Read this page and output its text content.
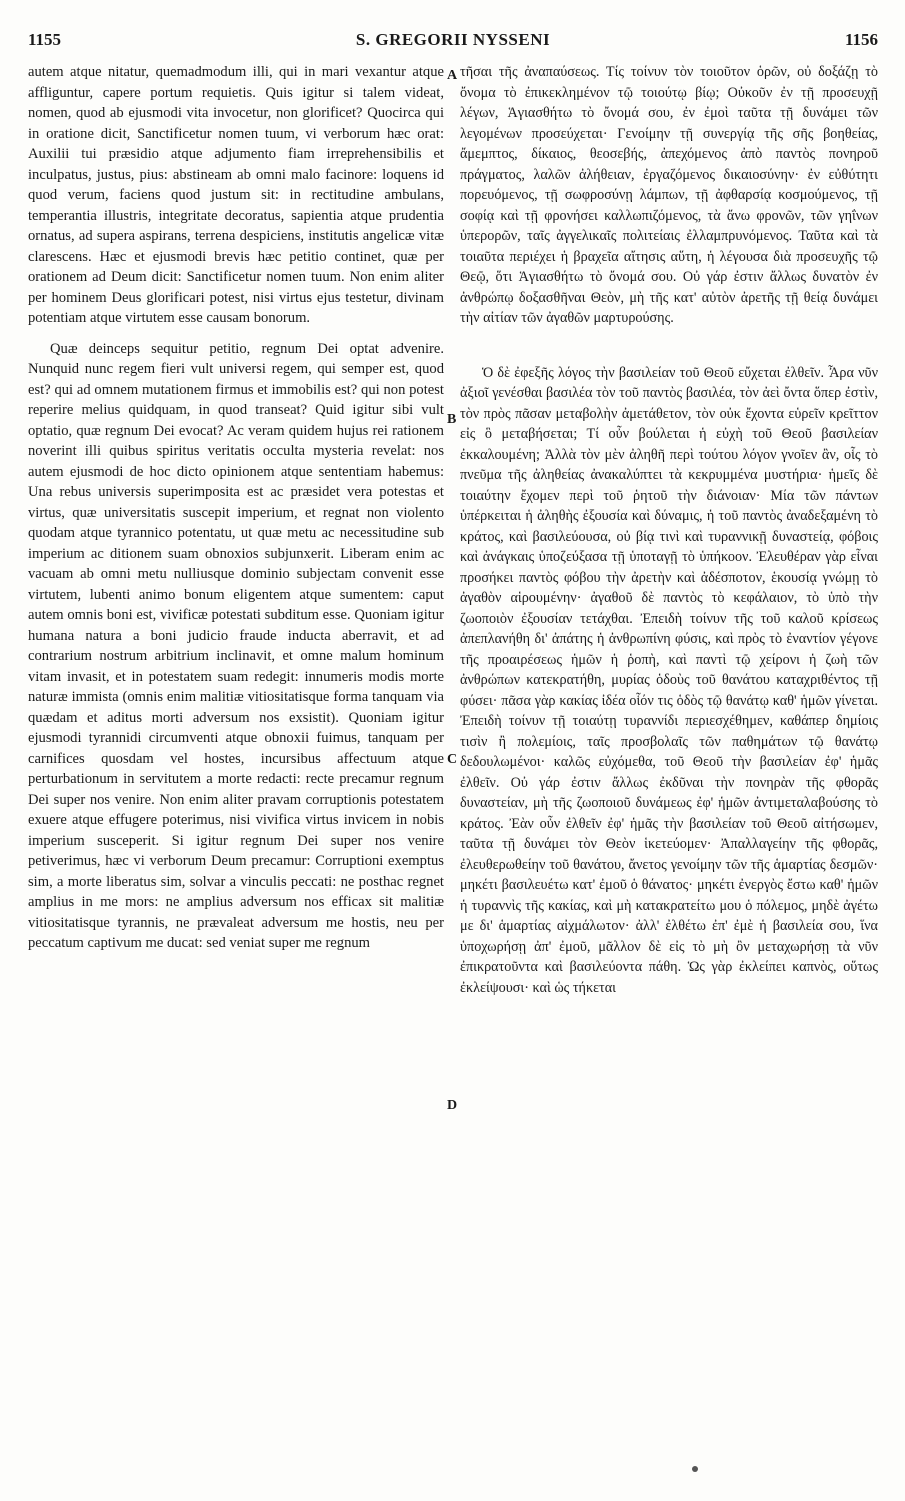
1155	S. GREGORII NYSSENI	1156

autem atque nitatur, quemadmodum illi, qui in mari vexantur atque affliguntur, capere portum requietis. Quis igitur si talem videat, nomen, quod ab ejusmodi vita invocetur, non glorificet? Quocirca qui in oratione dicit, Sanctificetur nomen tuum, vi verborum hæc orat: Auxilii tui præsidio atque adjumento fiam irreprehensibilis et inculpatus, justus, pius: abstineam ab omni malo facinore: loquens id quod verum, faciens quod justum sit: in rectitudine ambulans, temperantia illustris, integritate decoratus, sapientia atque prudentia ornatus, ad supera aspirans, terrena despiciens, institutis angelicæ vitæ clarescens. Hæc et ejusmodi brevis hæc petitio continet, quæ per orationem ad Deum dicit: Sanctificetur nomen tuum. Non enim aliter per hominem Deus glorificari potest, nisi virtus ejus testetur, divinam potentiam atque virtutem esse causam bonorum.

Quæ deinceps sequitur petitio, regnum Dei optat advenire. Nunquid nunc regem fieri vult universi regem, qui semper est, quod est? qui ad omnem mutationem firmus et immobilis est? qui non potest reperire melius quidquam, in quod transeat? Quid igitur sibi vult optatio, quæ regnum Dei evocat? Ac veram quidem hujus rei rationem noverint illi quibus spiritus veritatis occulta mysteria revelat: nos autem ejusmodi de hoc dicto opinionem atque sententiam habemus: Una rebus universis superimposita est ac præsidet vera potestas et virtus, quæ universitatis suscepit imperium, et regnat non violento quodam atque tyrannico potentatu, ut quæ metu ac necessitudine sub imperium ac ditionem suam obnoxios subjunxerit. Liberam enim ac vacuam ab omni metu nulliusque dominio subjectam convenit esse virtutem, lubenti animo bonum eligentem atque sumentem: caput autem omnis boni est, vivificæ potestati subditum esse. Quoniam igitur humana natura a boni judicio fraude inducta aberravit, et ad contrarium nostrum arbitrium inclinavit, et omne malum hominum vitam invasit, et in potestatem suam redegit: innumeris modis morte naturæ immista (omnis enim malitiæ vitiositatisque forma tanquam via quædam et aditus morti adversum nos exsistit). Quoniam igitur ejusmodi tyrannidi circumventi atque obnoxii fuimus, tanquam per carnifices quosdam vel hostes, incursibus affectuum atque perturbationum in servitutem a morte redacti: recte precamur regnum Dei super nos venire. Non enim aliter pravam corruptionis potestatem exuere atque effugere poterimus, nisi vivifica virtus invicem in nobis imperium susceperit. Si igitur regnum Dei super nos venire petiverimus, hæc vi verborum Deum precamur: Corruptioni exemptus sim, a morte liberatus sim, solvar a vinculis peccati: ne posthac regnet amplius in me mors: ne amplius adversum nos efficax sit malitiæ vitiositatisque tyrannis, ne prævaleat adversum me hostis, neu per peccatum captivum me ducat: sed veniat super me regnum

τῆσαι τῆς ἀναπαύσεως. Τίς τοίνυν τὸν τοιοῦτον ὁρῶν, οὐ δοξάζῃ τὸ ὄνομα τὸ ἐπικεκλημένον τῷ τοιούτῳ βίῳ; Οὐκοῦν ἐν τῇ προσευχῇ λέγων, Ἁγιασθήτω τὸ ὄνομά σου, ἐν ἐμοὶ ταῦτα τῇ δυνάμει τῶν λεγομένων προσεύχεται· Γενοίμην τῇ συνεργίᾳ τῆς σῆς βοηθείας, ἄμεμπτος, δίκαιος, θεοσεβής, ἀπεχόμενος ἀπὸ παντὸς πονηροῦ πράγματος, λαλῶν ἀλήθειαν, ἐργαζόμενος δικαιοσύνην· ἐν εὐθύτητι πορευόμενος, τῇ σωφροσύνῃ λάμπων, τῇ ἀφθαρσίᾳ κοσμούμενος, τῇ σοφίᾳ καὶ τῇ φρονήσει καλλωπιζόμενος, τὰ ἄνω φρονῶν, τῶν γηΐνων ὑπερορῶν, ταῖς ἀγγελικαῖς πολιτείαις ἐλλαμπρυνόμενος. Ταῦτα καὶ τὰ τοιαῦτα περιέχει ἡ βραχεῖα αἴτησις αὕτη, ἡ λέγουσα διὰ προσευχῆς τῷ Θεῷ, ὅτι Ἁγιασθήτω τὸ ὄνομά σου. Οὐ γάρ ἐστιν ἄλλως δυνατὸν ἐν ἀνθρώπῳ δοξασθῆναι Θεὸν, μὴ τῆς κατ' αὐτὸν ἀρετῆς τῇ θείᾳ δυνάμει τὴν αἰτίαν τῶν ἀγαθῶν μαρτυρούσης.

Ὁ δὲ ἐφεξῆς λόγος τὴν βασιλείαν τοῦ Θεοῦ εὔχεται ἐλθεῖν. Ἆρα νῦν ἀξιοῖ γενέσθαι βασιλέα τὸν τοῦ παντὸς βασιλέα, τὸν ἀεὶ ὄντα ὅπερ ἐστὶν, τὸν πρὸς πᾶσαν μεταβολὴν ἀμετάθετον, τὸν οὐκ ἔχοντα εὑρεῖν κρεῖττον εἰς ὃ μεταβήσεται; Τί οὖν βούλεται ἡ εὐχὴ τοῦ Θεοῦ βασιλείαν ἐκκαλουμένη; Ἀλλὰ τὸν μὲν ἀληθῆ περὶ τούτου λόγον γνοῖεν ἂν, οἷς τὸ πνεῦμα τῆς ἀληθείας ἀνακαλύπτει τὰ κεκρυμμένα μυστήρια· ἡμεῖς δὲ τοιαύτην ἔχομεν περὶ τοῦ ῥητοῦ τὴν διάνοιαν· Μία τῶν πάντων ὑπέρκειται ἡ ἀληθὴς ἐξουσία καὶ δύναμις, ἡ τοῦ παντὸς ἀναδεξαμένη τὸ κράτος, καὶ βασιλεύουσα, οὐ βίᾳ τινὶ καὶ τυραννικῇ δυναστείᾳ, φόβοις καὶ ἀνάγκαις ὑποζεύξασα τῇ ὑποταγῇ τὸ ὑπήκοον. Ἐλευθέραν γὰρ εἶναι προσήκει παντὸς φόβου τὴν ἀρετὴν καὶ ἀδέσποτον, ἑκουσίᾳ γνώμῃ τὸ ἀγαθὸν αἱρουμένην· ἀγαθοῦ δὲ παντὸς τὸ κεφάλαιον, τὸ ὑπὸ τὴν ζωοποιὸν ἐξουσίαν τετάχθαι. Ἐπειδὴ τοίνυν τῆς τοῦ καλοῦ κρίσεως ἀπεπλανήθη δι' ἀπάτης ἡ ἀνθρωπίνη φύσις, καὶ πρὸς τὸ ἐναντίον γέγονε τῆς προαιρέσεως ἡμῶν ἡ ῥοπὴ, καὶ παντὶ τῷ χείρονι ἡ ζωὴ τῶν ἀνθρώπων κατεκρατήθη, μυρίας ὁδοὺς τοῦ θανάτου καταχριθέντος τῇ φύσει· πᾶσα γὰρ κακίας ἰδέα οἷόν τις ὁδὸς τῷ θανάτῳ καθ' ἡμῶν γίνεται. Ἐπειδὴ τοίνυν τῇ τοιαύτῃ τυραννίδι περιεσχέθημεν, καθάπερ δημίοις τισὶν ἢ πολεμίοις, ταῖς προσβολαῖς τῶν παθημάτων τῷ θανάτῳ δεδουλωμένοι· καλῶς εὐχόμεθα, τοῦ Θεοῦ τὴν βασιλείαν ἐφ' ἡμᾶς ἐλθεῖν. Οὐ γάρ ἐστιν ἄλλως ἐκδῦναι τὴν πονηρὰν τῆς φθορᾶς δυναστείαν, μὴ τῆς ζωοποιοῦ δυνάμεως ἐφ' ἡμῶν ἀντιμεταλαβούσης τὸ κράτος. Ἐὰν οὖν ἐλθεῖν ἐφ' ἡμᾶς τὴν βασιλείαν τοῦ Θεοῦ αἰτήσωμεν, ταῦτα τῇ δυνάμει τὸν Θεὸν ἱκετεύομεν· Ἀπαλλαγείην τῆς φθορᾶς, ἐλευθερωθείην τοῦ θανάτου, ἄνετος γενοίμην τῶν τῆς ἁμαρτίας δεσμῶν· μηκέτι βασιλευέτω κατ' ἐμοῦ ὁ θάνατος· μηκέτι ἐνεργὸς ἔστω καθ' ἡμῶν ἡ τυραννὶς τῆς κακίας, καὶ μὴ κατακρατείτω μου ὁ πόλεμος, μηδὲ ἀγέτω με δι' ἁμαρτίας αἰχμάλωτον· ἀλλ' ἐλθέτω ἐπ' ἐμὲ ἡ βασιλεία σου, ἵνα ὑποχωρήσῃ ἀπ' ἐμοῦ, μᾶλλον δὲ εἰς τὸ μὴ ὂν μεταχωρήσῃ τὰ νῦν ἐπικρατοῦντα καὶ βασιλεύοντα πάθη. Ὡς γὰρ ἐκλείπει καπνὸς, οὕτως ἐκλείψουσι· καὶ ὡς τήκεται

A
B
C
D
